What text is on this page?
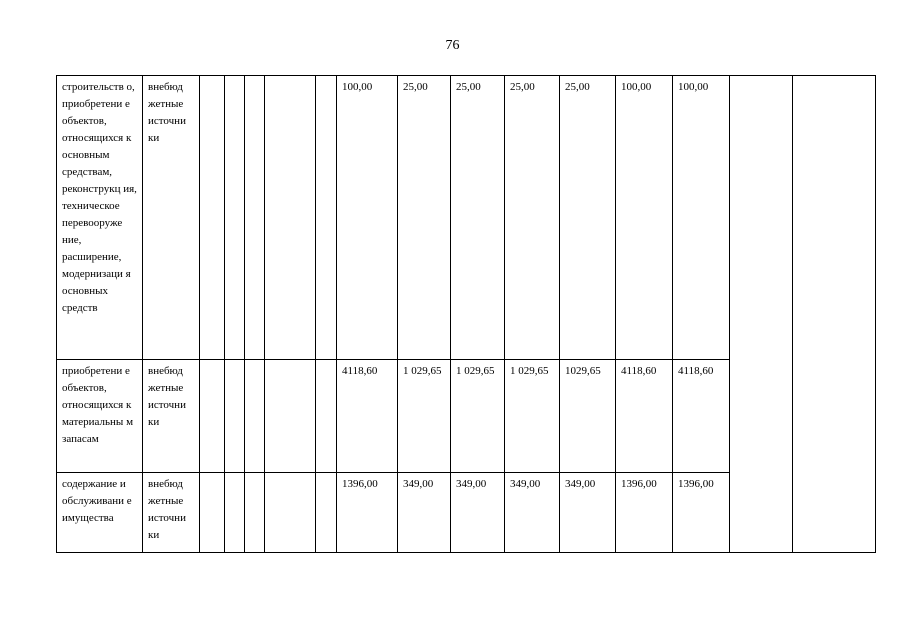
76
строительств о, приобретени е объектов, относящихся к основным средствам, реконструкц ия, техническое перевооруже ние, расширение, модернизаци я основных средств	внебюд жетные источни ки						100,00	25,00	25,00	25,00	25,00	100,00	100,00		
приобретени е объектов, относящихся к материальны м запасам	внебюд жетные источни ки						4118,60	1 029,65	1 029,65	1 029,65	1029,65	4118,60	4118,60		
содержание и обслуживани е имущества	внебюд жетные источни ки						1396,00	349,00	349,00	349,00	349,00	1396,00	1396,00		
